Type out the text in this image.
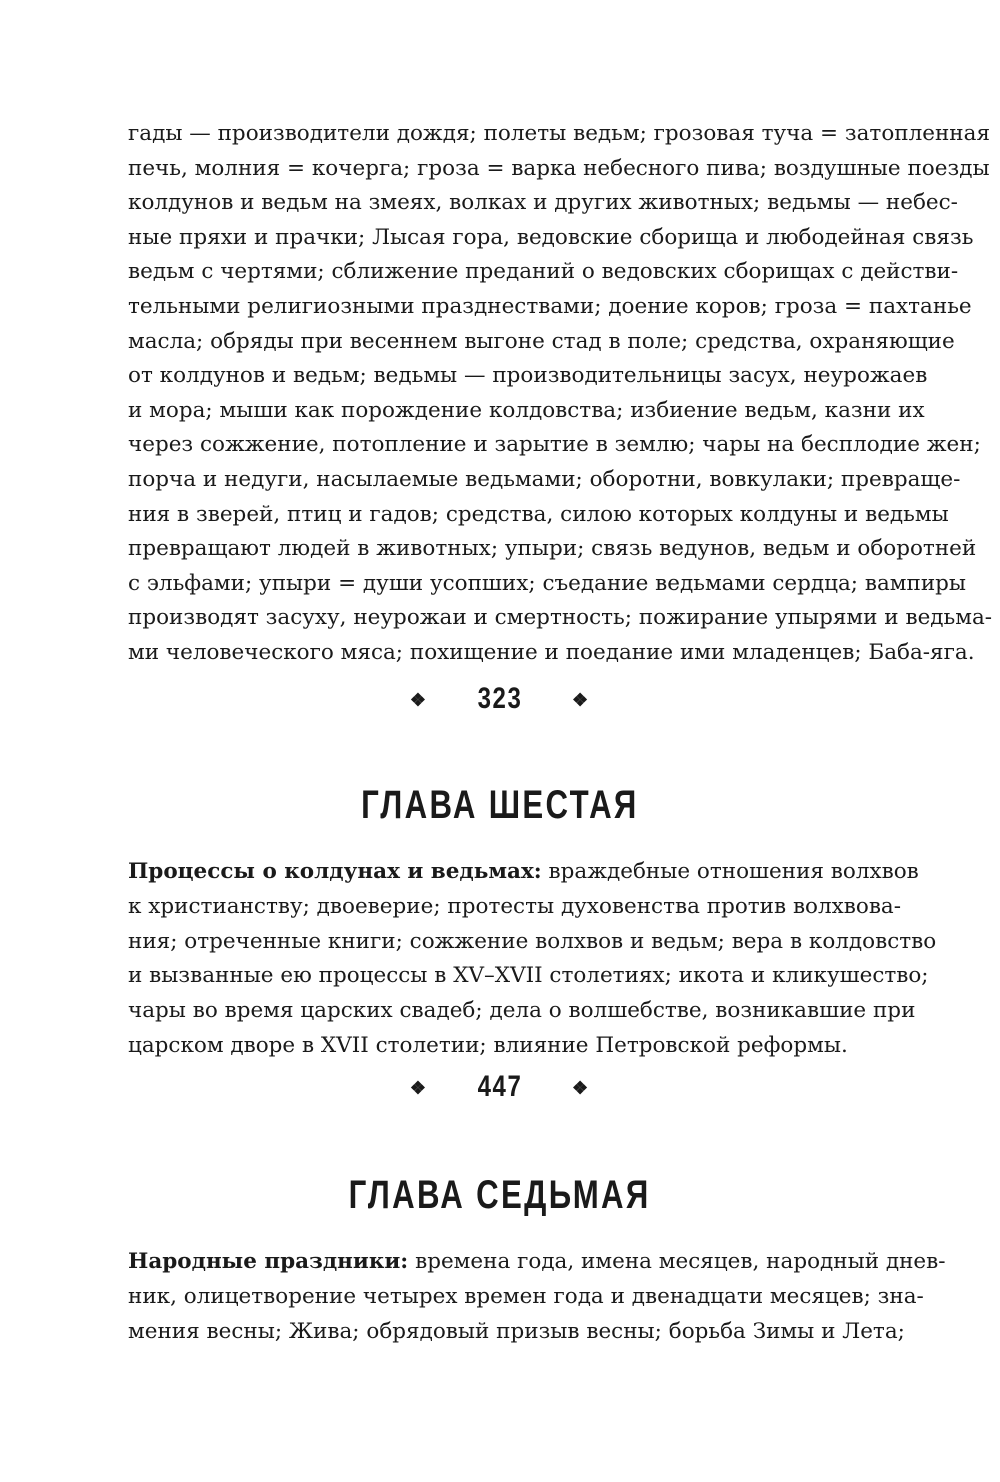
гады — производители дождя; полеты ведьм; грозовая туча = затопленная
печь, молния = кочерга; гроза = варка небесного пива; воздушные поезды
колдунов и ведьм на змеях, волках и других животных; ведьмы — небес-
ные пряхи и прачки; Лысая гора, ведовские сборища и любодейная связь
ведьм с чертями; сближение преданий о ведовских сборищах с действи-
тельными религиозными празднествами; доение коров; гроза = пахтанье
масла; обряды при весеннем выгоне стад в поле; средства, охраняющие
от колдунов и ведьм; ведьмы — производительницы засух, неурожаев
и мора; мыши как порождение колдовства; избиение ведьм, казни их
через сожжение, потопление и зарытие в землю; чары на бесплодие жен;
порча и недуги, насылаемые ведьмами; оборотни, вовкулаки; превраще-
ния в зверей, птиц и гадов; средства, силою которых колдуны и ведьмы
превращают людей в животных; упыри; связь ведунов, ведьм и оборотней
с эльфами; упыри = души усопших; съедание ведьмами сердца; вампиры
производят засуху, неурожаи и смертность; пожирание упырями и ведьма-
ми человеческого мяса; похищение и поедание ими младенцев; Баба-яга.
❖ 323	❖
ГЛАВА ШЕСТАЯ
Процессы о колдунах и ведьмах: враждебные отношения волхвов
к христианству; двоеверие; протесты духовенства против волхвова-
ния; отреченные книги; сожжение волхвов и ведьм; вера в колдовство
и вызванные ею процессы в XV–XVII столетиях; икота и кликушество;
чары во время царских свадеб; дела о волшебстве, возникавшие при
царском дворе в XVII столетии; влияние Петровской реформы.
❖ 447	❖
ГЛАВА СЕДЬМАЯ
Народные праздники: времена года, имена месяцев, народный днев-
ник, олицетворение четырех времен года и двенадцати месяцев; зна-
мения весны; Жива; обрядовый призыв весны; борьба Зимы и Лета;
